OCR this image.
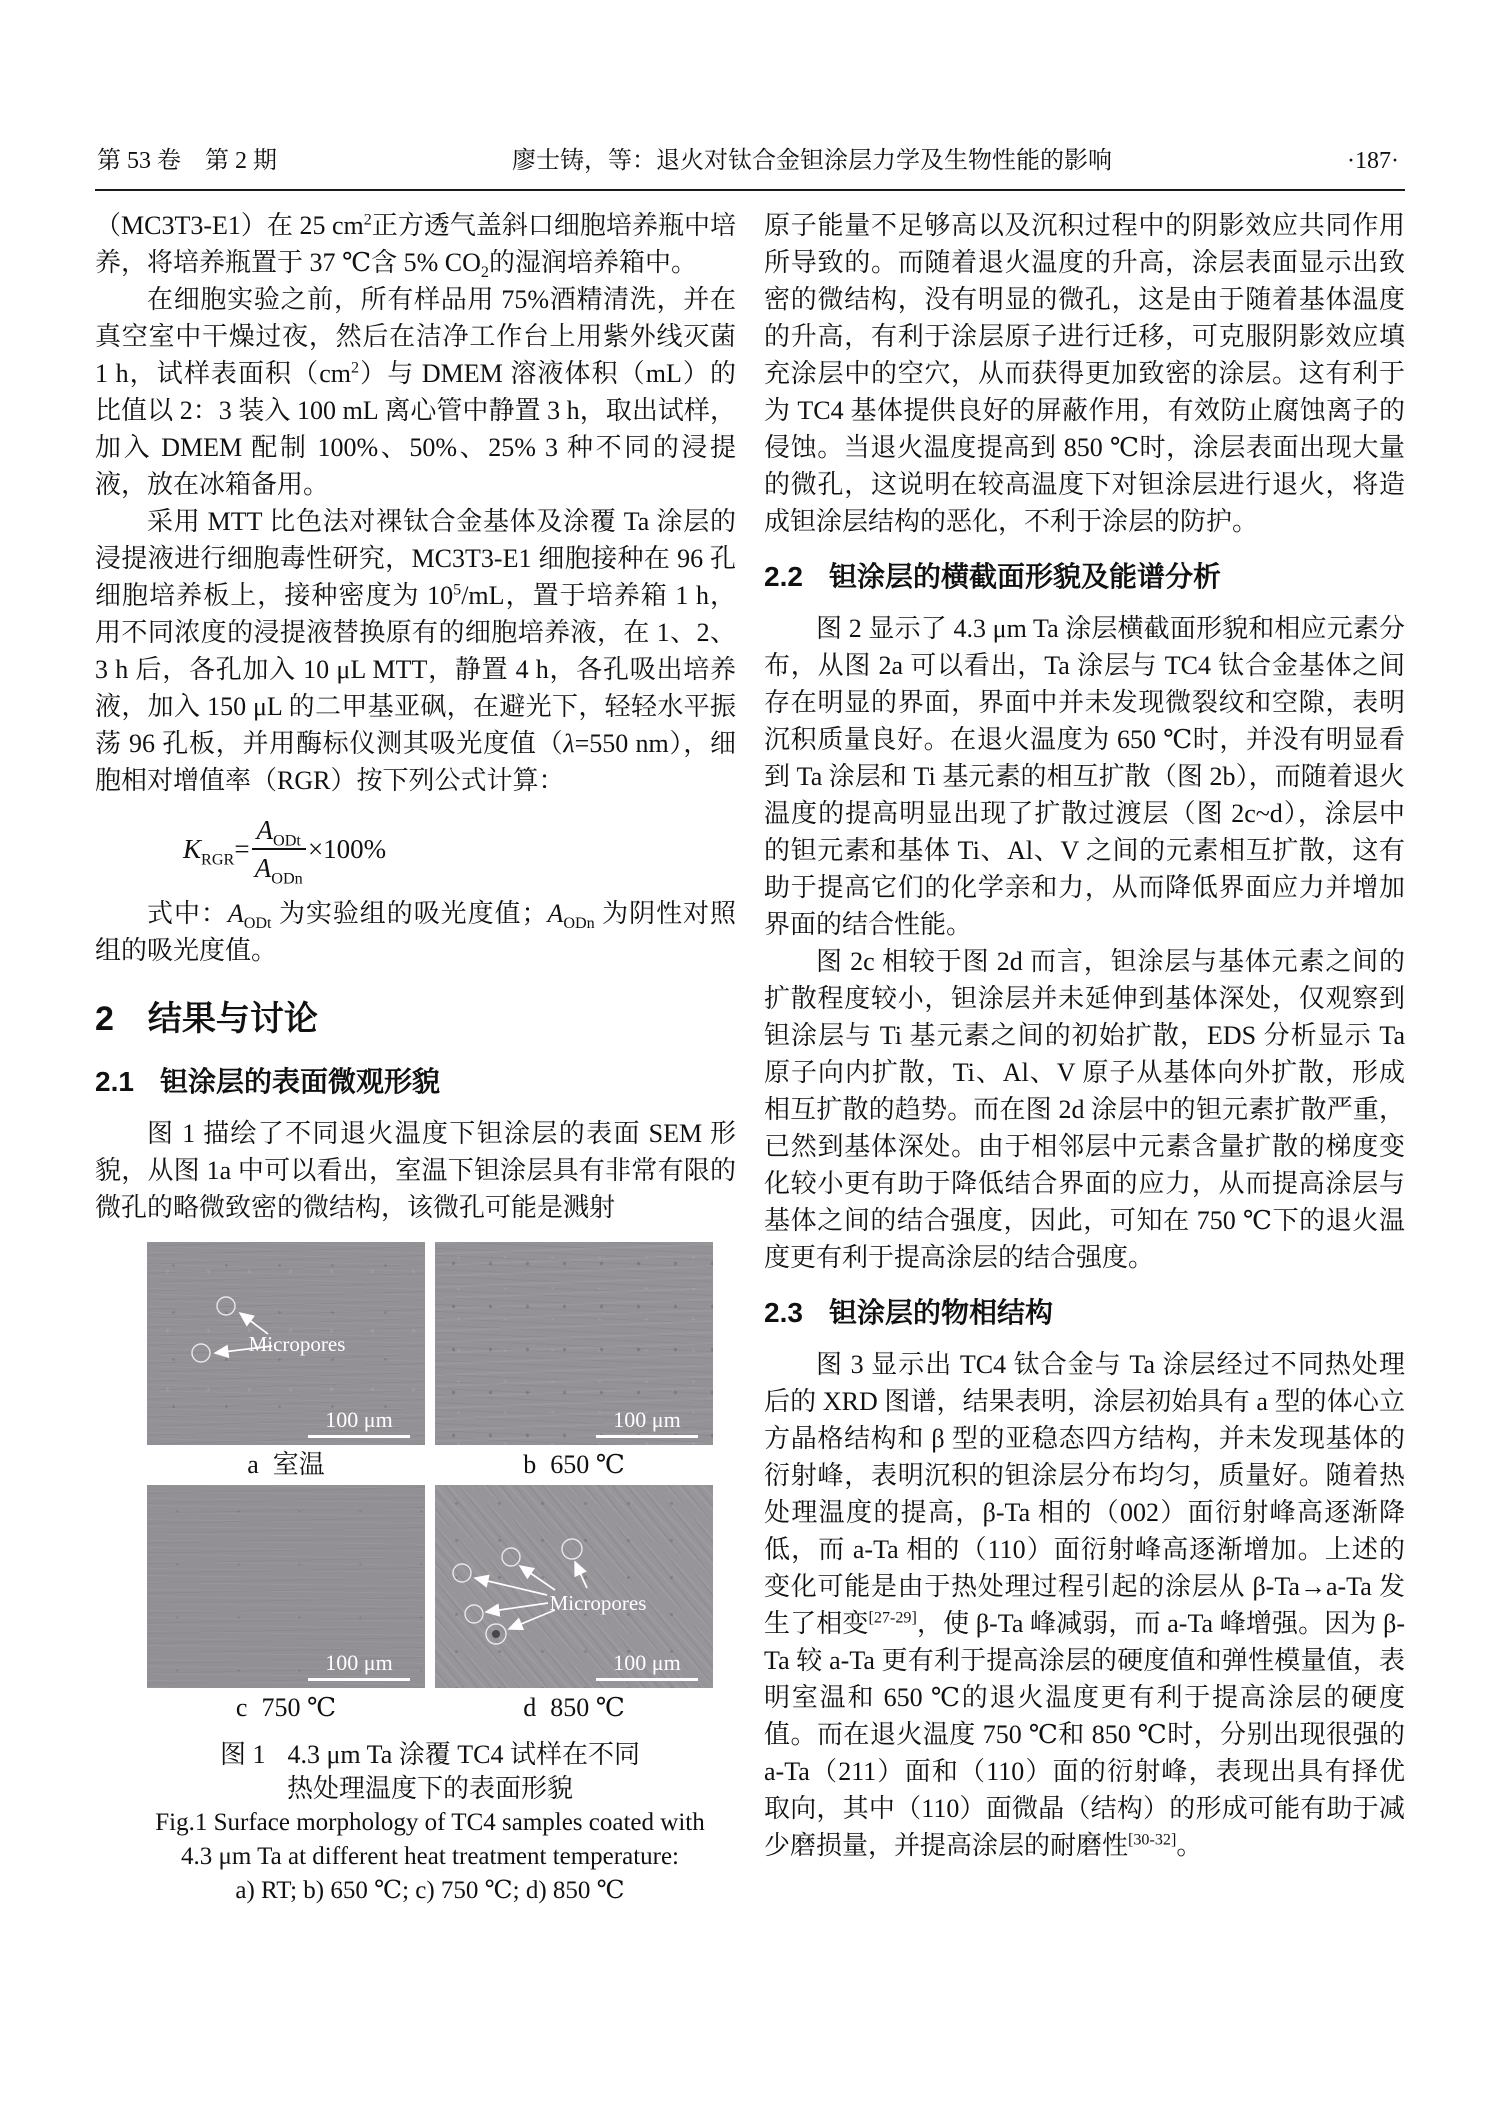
第 53 卷　第 2 期	廖士铸，等：退火对钛合金钽涂层力学及生物性能的影响	·187·

（MC3T3-E1）在 25 $cm^2$正方透气盖斜口细胞培养瓶中培养，将培养瓶置于 37 ℃含 5% $CO_2$的湿润培养箱中。

在细胞实验之前，所有样品用 75%酒精清洗，并在真空室中干燥过夜，然后在洁净工作台上用紫外线灭菌 1 h，试样表面积$(cm^2)$与 DMEM 溶液体积（mL）的比值以 2：3 装入 100 mL 离心管中静置 3 h，取出试样，加入 DMEM 配制 100%、50%、25% 3 种不同的浸提液，放在冰箱备用。

采用 MTT 比色法对裸钛合金基体及涂覆 Ta 涂层的浸提液进行细胞毒性研究，MC3T3-E1 细胞接种在 96 孔细胞培养板上，接种密度为 $10^5/mL$，置于培养箱 1 h，用不同浓度的浸提液替换原有的细胞培养液，在 1、2、3 h 后，各孔加入 10 μL MTT，静置 4 h，各孔吸出培养液，加入 150 μL 的二甲基亚砜，在避光下，轻轻水平振荡 96 孔板，并用酶标仪测其吸光度值（λ=550 nm），细胞相对增值率（RGR）按下列公式计算：

$K_{RGR} = \frac{A_{ODt}}{A_{ODn}} \times 100\%$

式中：$A_{ODt}$ 为实验组的吸光度值；$A_{ODn}$ 为阴性对照组的吸光度值。

2 结果与讨论
2.1 钽涂层的表面微观形貌

图 1 描绘了不同退火温度下钽涂层的表面 SEM 形貌，从图 1a 中可以看出，室温下钽涂层具有非常有限的微孔的略微致密的微结构，该微孔可能是溅射

Micropores
100 μm	100 μm
a 室温	b 650 ℃
100 μm
Micropores
100 μm
c 750 ℃	d 850 ℃
图 1 4.3 μm Ta 涂覆 TC4 试样在不同
热处理温度下的表面形貌
Fig.1 Surface morphology of TC4 samples coated with
4.3 μm Ta at different heat treatment temperature:
a) RT; b) 650 ℃; c) 750 ℃; d) 850 ℃

原子能量不足够高以及沉积过程中的阴影效应共同作用所导致的。而随着退火温度的升高，涂层表面显示出致密的微结构，没有明显的微孔，这是由于随着基体温度的升高，有利于涂层原子进行迁移，可克服阴影效应填充涂层中的空穴，从而获得更加致密的涂层。这有利于为 TC4 基体提供良好的屏蔽作用，有效防止腐蚀离子的侵蚀。当退火温度提高到 850 ℃时，涂层表面出现大量的微孔，这说明在较高温度下对钽涂层进行退火，将造成钽涂层结构的恶化，不利于涂层的防护。

2.2 钽涂层的横截面形貌及能谱分析

图 2 显示了 4.3 μm Ta 涂层横截面形貌和相应元素分布，从图 2a 可以看出，Ta 涂层与 TC4 钛合金基体之间存在明显的界面，界面中并未发现微裂纹和空隙，表明沉积质量良好。在退火温度为 650 ℃时，并没有明显看到 Ta 涂层和 Ti 基元素的相互扩散（图 2b），而随着退火温度的提高明显出现了扩散过渡层（图 2c~d），涂层中的钽元素和基体 Ti、Al、V 之间的元素相互扩散，这有助于提高它们的化学亲和力，从而降低界面应力并增加界面的结合性能。

图 2c 相较于图 2d 而言，钽涂层与基体元素之间的扩散程度较小，钽涂层并未延伸到基体深处，仅观察到钽涂层与 Ti 基元素之间的初始扩散，EDS 分析显示 Ta 原子向内扩散，Ti、Al、V 原子从基体向外扩散，形成相互扩散的趋势。而在图 2d 涂层中的钽元素扩散严重，已然到基体深处。由于相邻层中元素含量扩散的梯度变化较小更有助于降低结合界面的应力，从而提高涂层与基体之间的结合强度，因此，可知在 750 ℃下的退火温度更有利于提高涂层的结合强度。

2.3 钽涂层的物相结构

图 3 显示出 TC4 钛合金与 Ta 涂层经过不同热处理后的 XRD 图谱，结果表明，涂层初始具有 a 型的体心立方晶格结构和 β 型的亚稳态四方结构，并未发现基体的衍射峰，表明沉积的钽涂层分布均匀，质量好。随着热处理温度的提高，β-Ta 相的（002）面衍射峰高逐渐降低，而 a-Ta 相的（110）面衍射峰高逐渐增加。上述的变化可能是由于热处理过程引起的涂层从 β-Ta→a-Ta 发生了相变[27-29]，使 β-Ta 峰减弱，而 a-Ta 峰增强。因为 β-Ta 较 a-Ta 更有利于提高涂层的硬度值和弹性模量值，表明室温和 650 ℃的退火温度更有利于提高涂层的硬度值。而在退火温度 750 ℃和 850 ℃时，分别出现很强的 a-Ta（211）面和（110）面的衍射峰，表现出具有择优取向，其中（110）面微晶（结构）的形成可能有助于减少磨损量，并提高涂层的耐磨性[30-32]。
